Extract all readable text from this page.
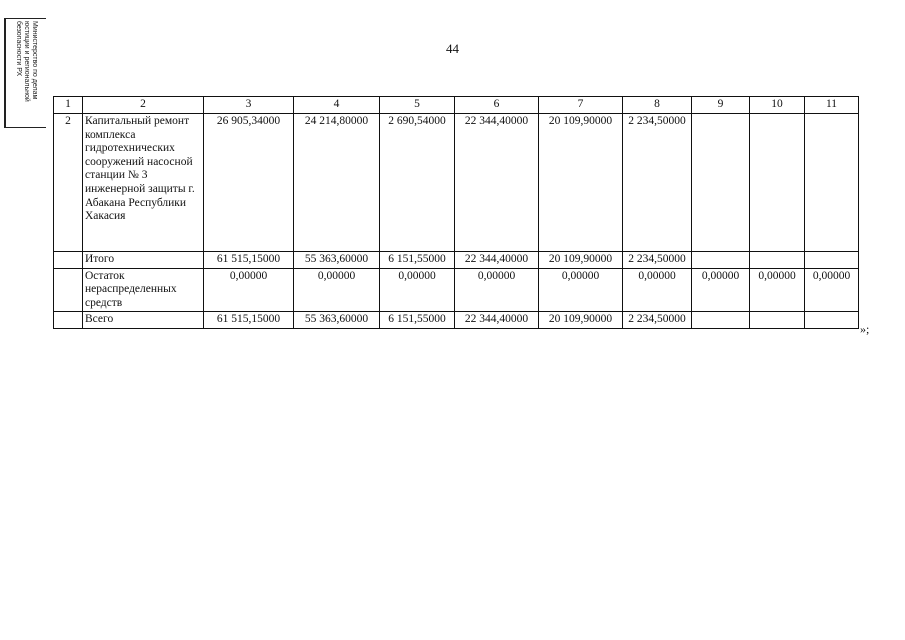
44
Министерство по делам
юстиции и региональной
безопасности РХ
1	2	3	4	5	6	7	8	9	10	11
2	Капитальный ремонт комплекса гидротехнических сооружений насосной станции № 3 инженерной защиты г. Абакана Республики Хакасия	26 905,34000	24 214,80000	2 690,54000	22 344,40000	20 109,90000	2 234,50000			
	Итого	61 515,15000	55 363,60000	6 151,55000	22 344,40000	20 109,90000	2 234,50000			
	Остаток нераспределенных средств	0,00000	0,00000	0,00000	0,00000	0,00000	0,00000	0,00000	0,00000	0,00000
	Всего	61 515,15000	55 363,60000	6 151,55000	22 344,40000	20 109,90000	2 234,50000			
»;
